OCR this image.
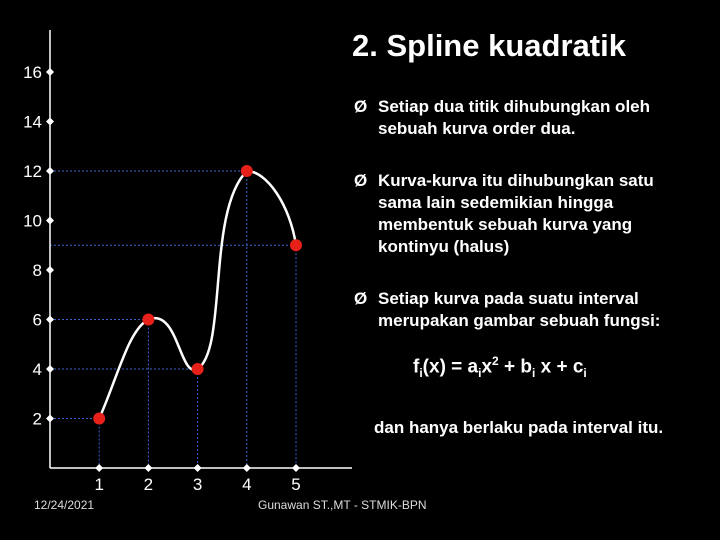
2
4
6
8
10
12
14
16
1 2 3 4 5
2. Spline kuadratik
Ø Setiap dua titik dihubungkan oleh
sebuah kurva order dua.
Ø Kurva-kurva itu dihubungkan satu
sama lain sedemikian hingga
membentuk sebuah kurva yang
kontinyu (halus)
Ø Setiap kurva pada suatu interval
merupakan gambar sebuah fungsi:
$f_i(x) = a_ix^2 + b_i$ $x + c_i$
dan hanya berlaku pada interval itu.
12/24/2021	Gunawan ST.,MT - STMIK-BPN
